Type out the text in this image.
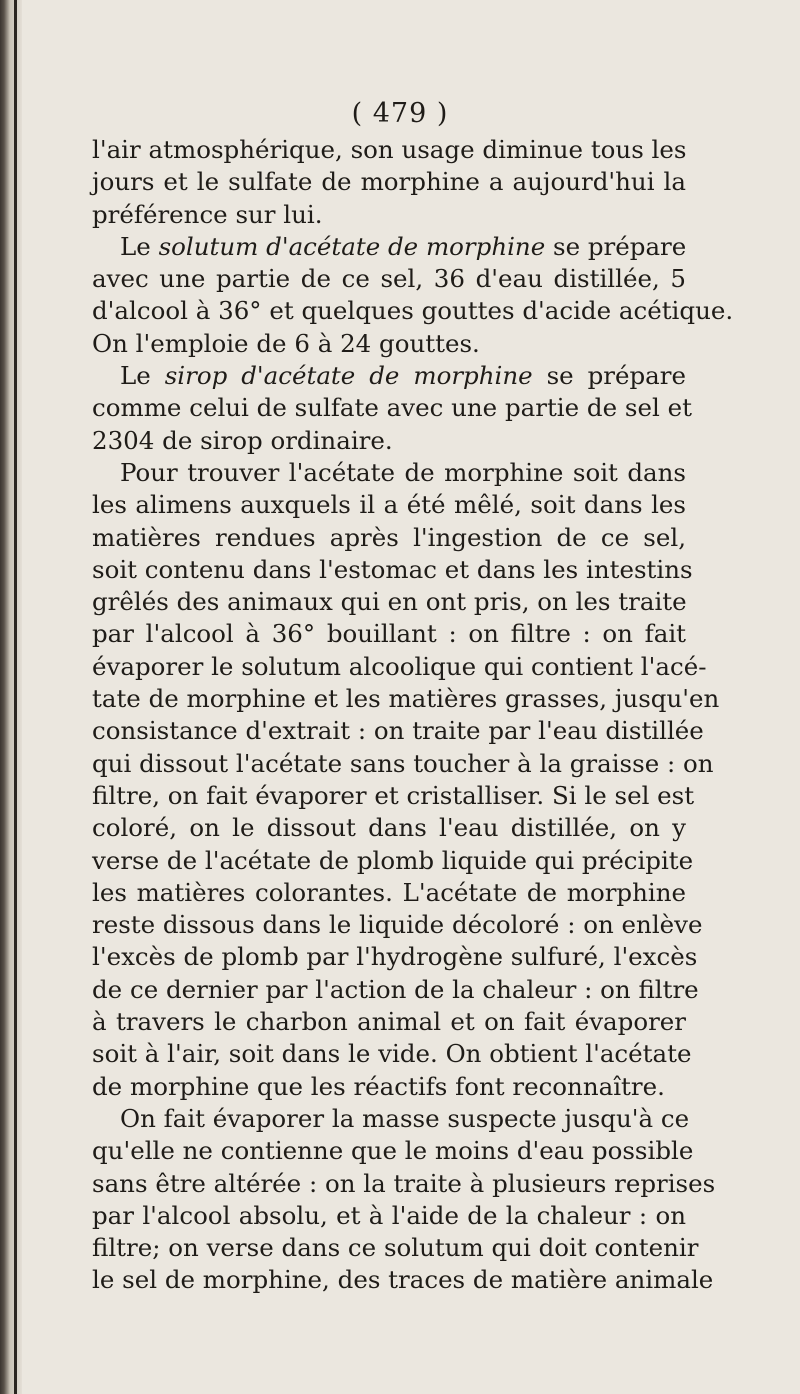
( 479 )
l'air atmosphérique, son usage diminue tous les
jours et le sulfate de morphine a aujourd'hui la
préférence sur lui.
Le solutum d'acétate de morphine se prépare
avec une partie de ce sel, 36 d'eau distillée, 5
d'alcool à 36° et quelques gouttes d'acide acétique.
On l'emploie de 6 à 24 gouttes.
Le sirop d'acétate de morphine se prépare
comme celui de sulfate avec une partie de sel et
2304 de sirop ordinaire.
Pour trouver l'acétate de morphine soit dans
les alimens auxquels il a été mêlé, soit dans les
matières rendues après l'ingestion de ce sel,
soit contenu dans l'estomac et dans les intestins
grêlés des animaux qui en ont pris, on les traite
par l'alcool à 36° bouillant : on filtre : on fait
évaporer le solutum alcoolique qui contient l'acé-
tate de morphine et les matières grasses, jusqu'en
consistance d'extrait : on traite par l'eau distillée
qui dissout l'acétate sans toucher à la graisse : on
filtre, on fait évaporer et cristalliser. Si le sel est
coloré, on le dissout dans l'eau distillée, on y
verse de l'acétate de plomb liquide qui précipite
les matières colorantes. L'acétate de morphine
reste dissous dans le liquide décoloré : on enlève
l'excès de plomb par l'hydrogène sulfuré, l'excès
de ce dernier par l'action de la chaleur : on filtre
à travers le charbon animal et on fait évaporer
soit à l'air, soit dans le vide. On obtient l'acétate
de morphine que les réactifs font reconnaître.
On fait évaporer la masse suspecte jusqu'à ce
qu'elle ne contienne que le moins d'eau possible
sans être altérée : on la traite à plusieurs reprises
par l'alcool absolu, et à l'aide de la chaleur : on
filtre; on verse dans ce solutum qui doit contenir
le sel de morphine, des traces de matière animale
